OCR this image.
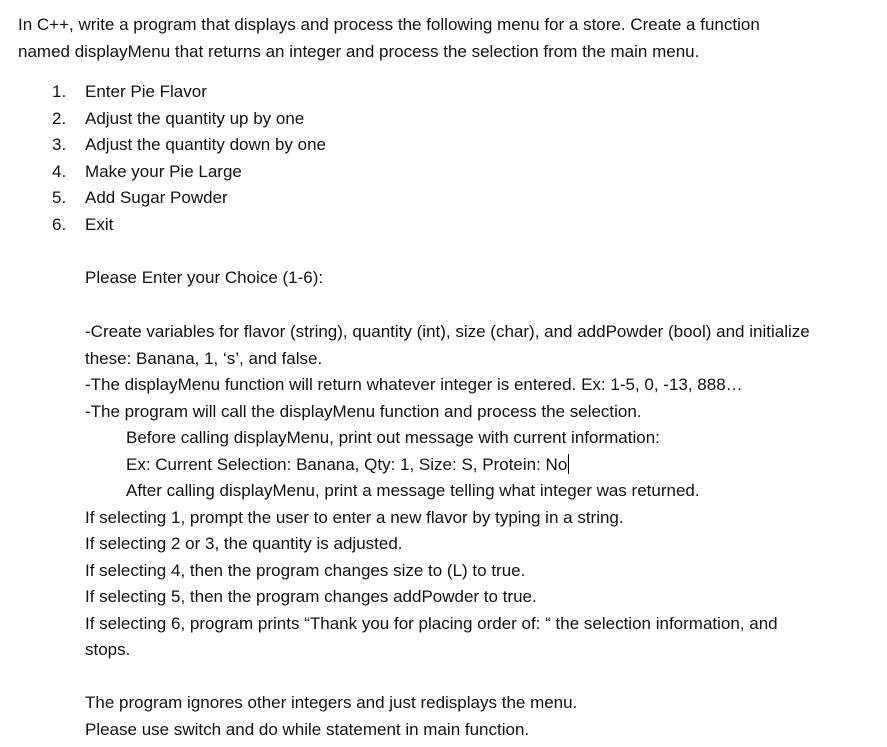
In C++, write a program that displays and process the following menu for a store. Create a function
named displayMenu that returns an integer and process the selection from the main menu.
1.	Enter Pie Flavor
2.	Adjust the quantity up by one
3.	Adjust the quantity down by one
4.	Make your Pie Large
5.	Add Sugar Powder
6.	Exit
Please Enter your Choice (1-6):

-Create variables for flavor (string), quantity (int), size (char), and addPowder (bool) and initialize

these: Banana, 1, ‘s’, and false.

-The displayMenu function will return whatever integer is entered. Ex: 1-5, 0, -13, 888…

-The program will call the displayMenu function and process the selection.

Before calling displayMenu, print out message with current information:

Ex: Current Selection: Banana, Qty: 1, Size: S, Protein: No

After calling displayMenu, print a message telling what integer was returned.

If selecting 1, prompt the user to enter a new flavor by typing in a string.

If selecting 2 or 3, the quantity is adjusted.

If selecting 4, then the program changes size to (L) to true.

If selecting 5, then the program changes addPowder to true.

If selecting 6, program prints “Thank you for placing order of: “ the selection information, and

stops.

The program ignores other integers and just redisplays the menu.

Please use switch and do while statement in main function.
